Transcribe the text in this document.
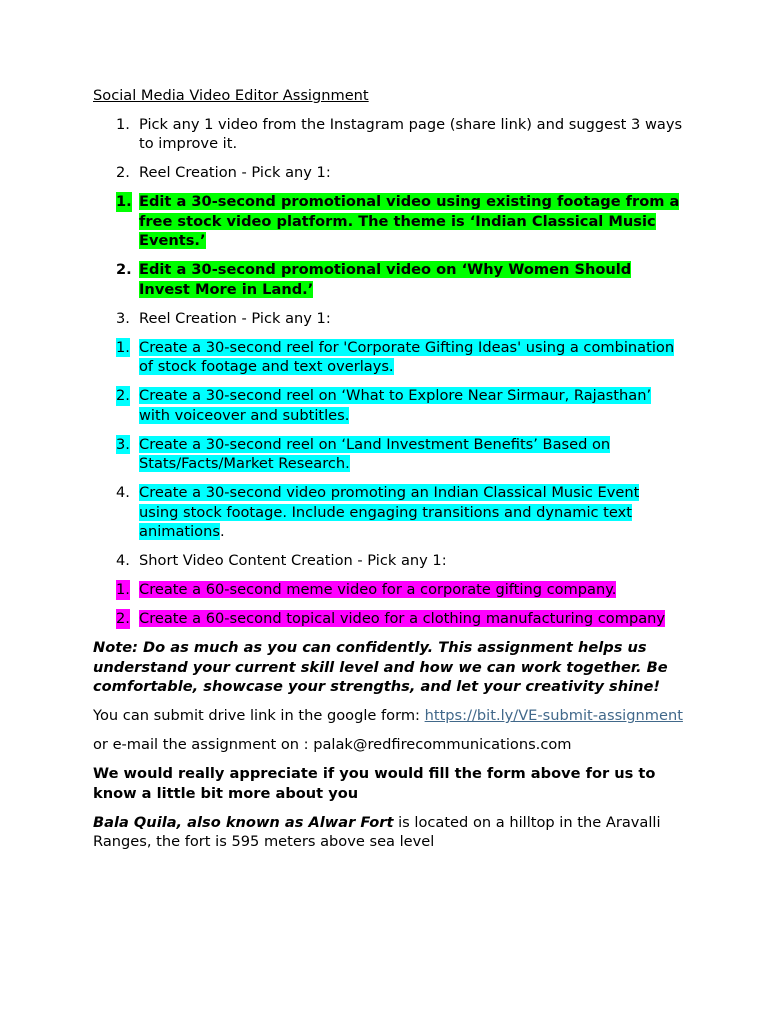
Social Media Video Editor Assignment
1. Pick any 1 video from the Instagram page (share link) and suggest 3 ways to improve it.
2. Reel Creation - Pick any 1:
1. Edit a 30-second promotional video using existing footage from a free stock video platform. The theme is ‘Indian Classical Music Events.’
2. Edit a 30-second promotional video on ‘Why Women Should Invest More in Land.’
3. Reel Creation - Pick any 1:
1. Create a 30-second reel for 'Corporate Gifting Ideas' using a combination of stock footage and text overlays.
2. Create a 30-second reel on ‘What to Explore Near Sirmaur, Rajasthan’ with voiceover and subtitles.
3. Create a 30-second reel on ‘Land Investment Benefits’ Based on Stats/Facts/Market Research.
4. Create a 30-second video promoting an Indian Classical Music Event using stock footage. Include engaging transitions and dynamic text animations.
4. Short Video Content Creation - Pick any 1:
1. Create a 60-second meme video for a corporate gifting company.
2. Create a 60-second topical video for a clothing manufacturing company
Note: Do as much as you can confidently. This assignment helps us understand your current skill level and how we can work together. Be comfortable, showcase your strengths, and let your creativity shine!
You can submit drive link in the google form: https://bit.ly/VE-submit-assignment
or e-mail the assignment on : palak@redfirecommunications.com
We would really appreciate if you would fill the form above for us to know a little bit more about you
Bala Quila, also known as Alwar Fort is located on a hilltop in the Aravalli Ranges, the fort is 595 meters above sea level
